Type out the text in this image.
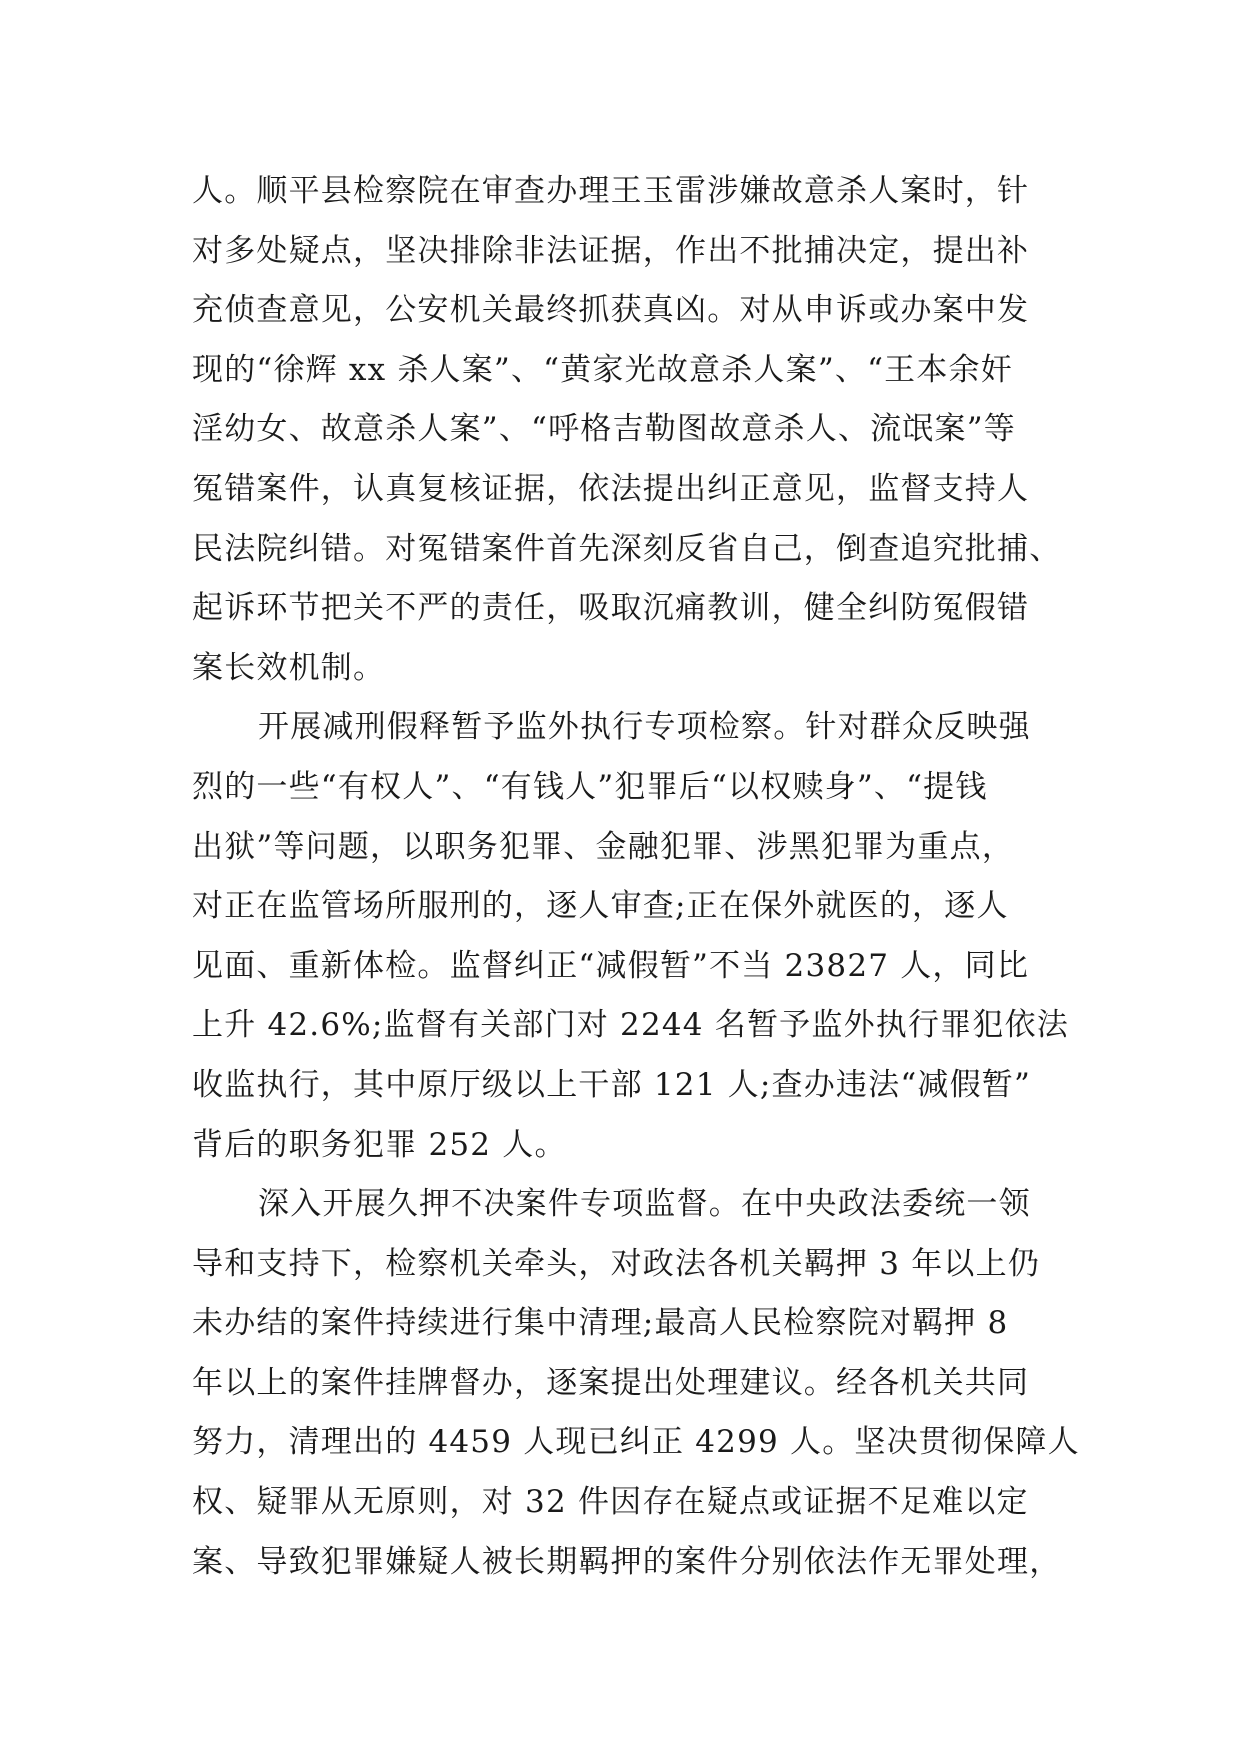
人。顺平县检察院在审查办理王玉雷涉嫌故意杀人案时，针
对多处疑点，坚决排除非法证据，作出不批捕决定，提出补
充侦查意见，公安机关最终抓获真凶。对从申诉或办案中发
现的“徐辉 xx 杀人案”、“黄家光故意杀人案”、“王本余奸
淫幼女、故意杀人案”、“呼格吉勒图故意杀人、流氓案”等
冤错案件，认真复核证据，依法提出纠正意见，监督支持人
民法院纠错。对冤错案件首先深刻反省自己，倒查追究批捕、
起诉环节把关不严的责任，吸取沉痛教训，健全纠防冤假错
案长效机制。
开展减刑假释暂予监外执行专项检察。针对群众反映强
烈的一些“有权人”、“有钱人”犯罪后“以权赎身”、“提钱
出狱”等问题，以职务犯罪、金融犯罪、涉黑犯罪为重点，
对正在监管场所服刑的，逐人审查;正在保外就医的，逐人
见面、重新体检。监督纠正“减假暂”不当 23827 人，同比
上升 42.6%;监督有关部门对 2244 名暂予监外执行罪犯依法
收监执行，其中原厅级以上干部 121 人;查办违法“减假暂”
背后的职务犯罪 252 人。
深入开展久押不决案件专项监督。在中央政法委统一领
导和支持下，检察机关牵头，对政法各机关羁押 3 年以上仍
未办结的案件持续进行集中清理;最高人民检察院对羁押 8
年以上的案件挂牌督办，逐案提出处理建议。经各机关共同
努力，清理出的 4459 人现已纠正 4299 人。坚决贯彻保障人
权、疑罪从无原则，对 32 件因存在疑点或证据不足难以定
案、导致犯罪嫌疑人被长期羁押的案件分别依法作无罪处理，
